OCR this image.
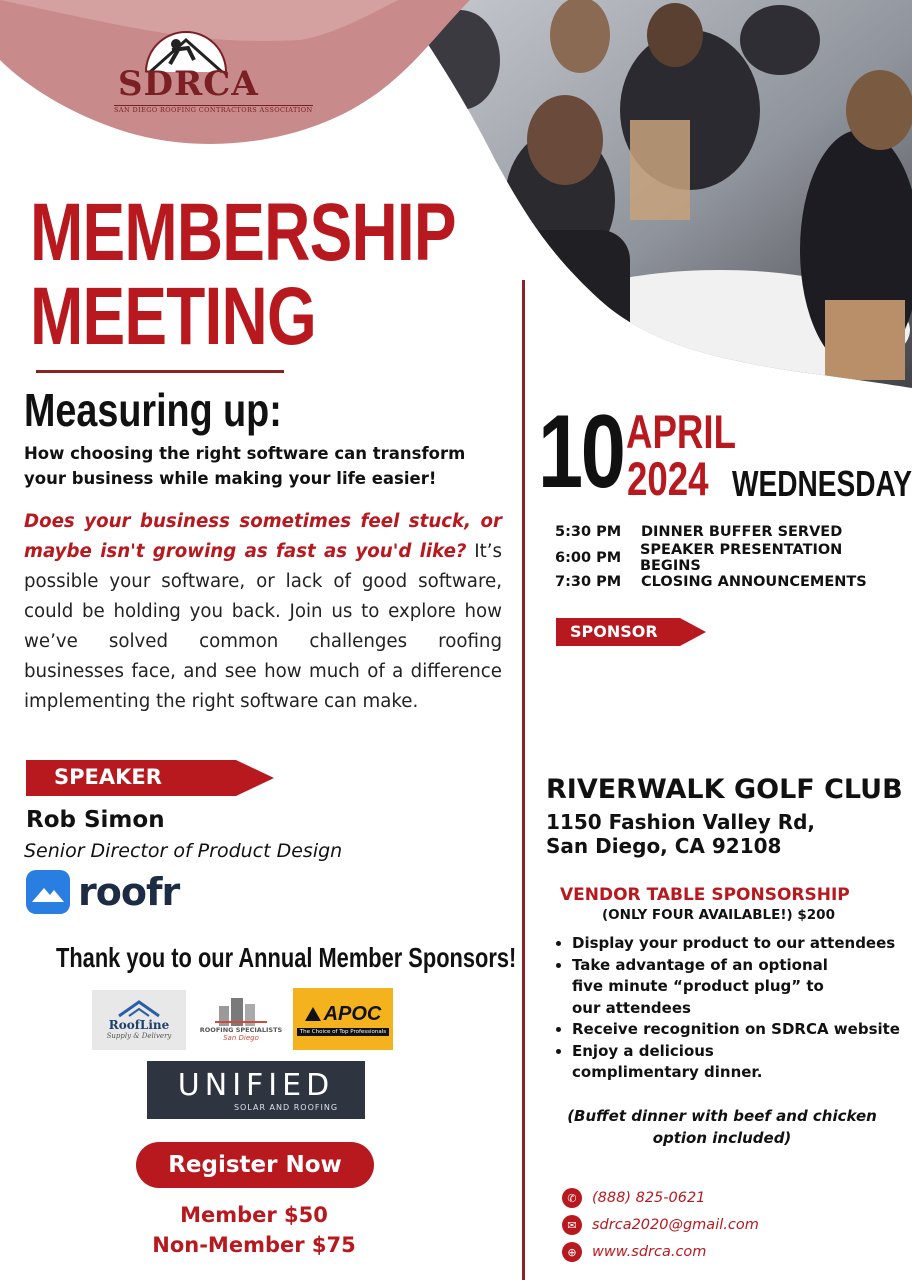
SDRCA
SAN DIEGO ROOFING CONTRACTORS ASSOCIATION
MEMBERSHIP
MEETING
Measuring up:
How choosing the right software can transform your business while making your life easier!
Does your business sometimes feel stuck, or maybe isn't growing as fast as you'd like? It’s possible your software, or lack of good software, could be holding you back. Join us to explore how we’ve solved common challenges roofing businesses face, and see how much of a difference implementing the right software can make.
SPEAKER
Rob Simon
Senior Director of Product Design
roofr
Thank you to our Annual Member Sponsors!
RoofLine
Supply & Delivery
ROOFING SPECIALISTS
San Diego
APOC
The Choice of Top Professionals
UNIFIED
SOLAR AND ROOFING
Register Now
Member $50
Non-Member $75
10 APRIL
2024 WEDNESDAY
5:30 PM	DINNER BUFFER SERVED
6:00 PM	SPEAKER PRESENTATION BEGINS
7:30 PM	CLOSING ANNOUNCEMENTS
SPONSOR
RIVERWALK GOLF CLUB
1150 Fashion Valley Rd,
San Diego, CA 92108
VENDOR TABLE SPONSORSHIP
(ONLY FOUR AVAILABLE!) $200
• Display your product to our attendees
• Take advantage of an optional five minute “product plug” to our attendees
• Receive recognition on SDRCA website
• Enjoy a delicious complimentary dinner.
(Buffet dinner with beef and chicken option included)
✆	(888) 825-0621
✉	sdrca2020@gmail.com
⊕	www.sdrca.com
